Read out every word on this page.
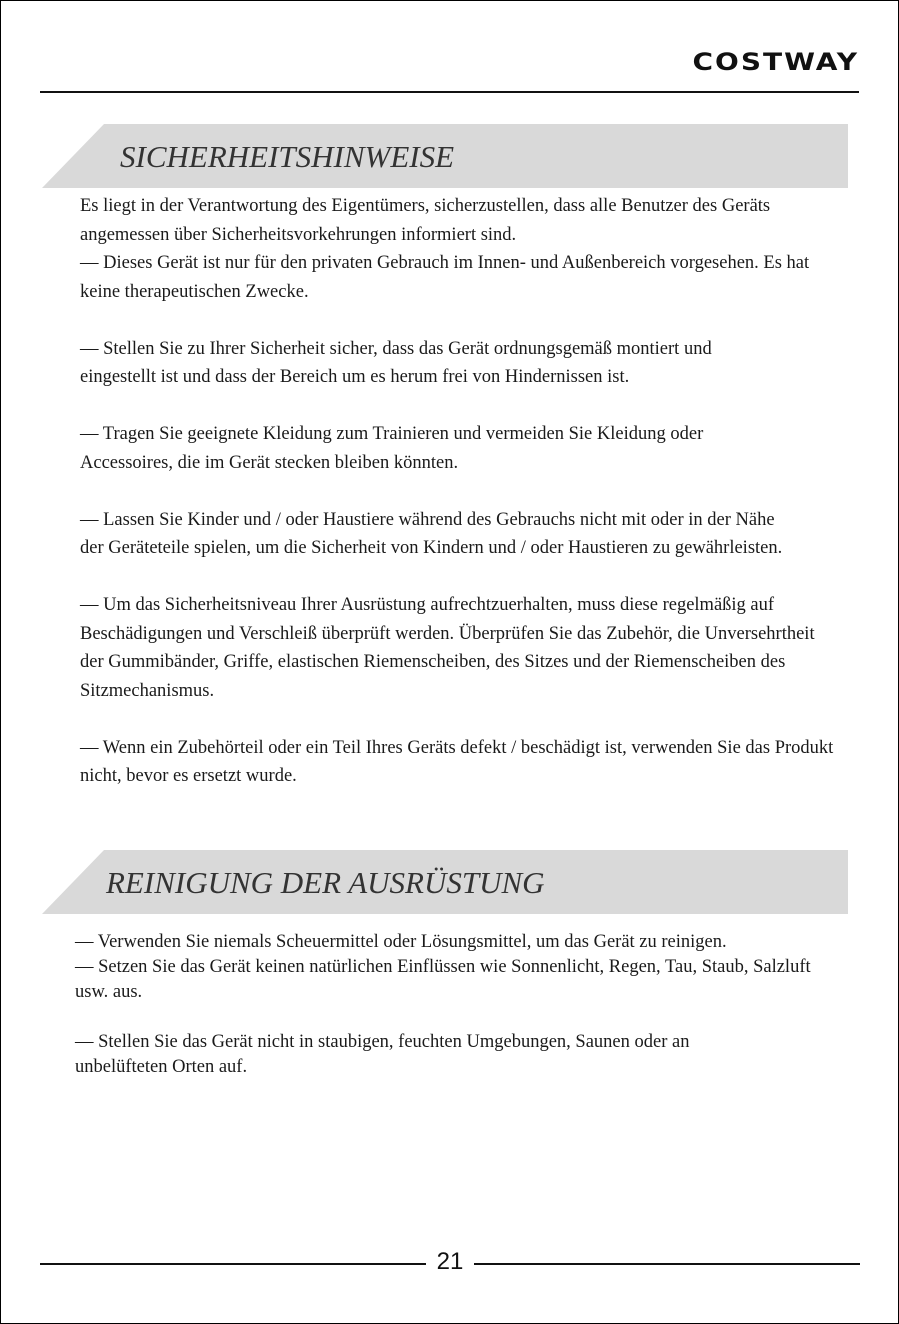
COSTWAY
SICHERHEITSHINWEISE

Es liegt in der Verantwortung des Eigentümers, sicherzustellen, dass alle Benutzer des Geräts angemessen über Sicherheitsvorkehrungen informiert sind.

— Dieses Gerät ist nur für den privaten Gebrauch im Innen- und Außenbereich vorgesehen. Es hat keine therapeutischen Zwecke.

— Stellen Sie zu Ihrer Sicherheit sicher, dass das Gerät ordnungsgemäß montiert und eingestellt ist und dass der Bereich um es herum frei von Hindernissen ist.

— Tragen Sie geeignete Kleidung zum Trainieren und vermeiden Sie Kleidung oder Accessoires, die im Gerät stecken bleiben könnten.

— Lassen Sie Kinder und / oder Haustiere während des Gebrauchs nicht mit oder in der Nähe der Geräteteile spielen, um die Sicherheit von Kindern und / oder Haustieren zu gewährleisten.

— Um das Sicherheitsniveau Ihrer Ausrüstung aufrechtzuerhalten, muss diese regelmäßig auf Beschädigungen und Verschleiß überprüft werden. Überprüfen Sie das Zubehör, die Unversehrtheit der Gummibänder, Griffe, elastischen Riemenscheiben, des Sitzes und der Riemenscheiben des Sitzmechanismus.

— Wenn ein Zubehörteil oder ein Teil Ihres Geräts defekt / beschädigt ist, verwenden Sie das Produkt nicht, bevor es ersetzt wurde.

REINIGUNG DER AUSRÜSTUNG

— Verwenden Sie niemals Scheuermittel oder Lösungsmittel, um das Gerät zu reinigen.

— Setzen Sie das Gerät keinen natürlichen Einflüssen wie Sonnenlicht, Regen, Tau, Staub, Salzluft usw. aus.

— Stellen Sie das Gerät nicht in staubigen, feuchten Umgebungen, Saunen oder an unbelüfteten Orten auf.

21
